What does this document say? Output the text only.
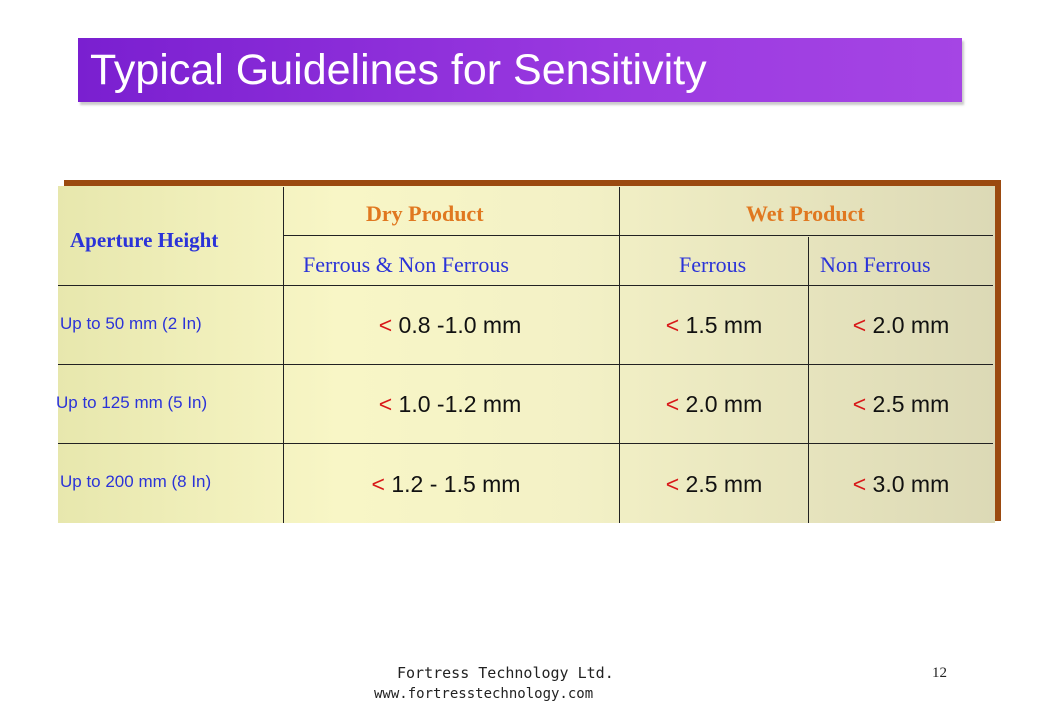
Typical Guidelines for Sensitivity
Aperture Height
Dry Product	Wet Product
Ferrous & Non Ferrous	Ferrous	Non Ferrous
Up to 50 mm (2 In)	< 0.8 -1.0 mm	< 1.5 mm	< 2.0 mm
Up to 125 mm (5 In)	< 1.0 -1.2 mm	< 2.0 mm	< 2.5 mm
Up to 200 mm (8 In)	< 1.2 - 1.5 mm	< 2.5 mm	< 3.0 mm
Fortress Technology Ltd.
www.fortresstechnology.com
12
